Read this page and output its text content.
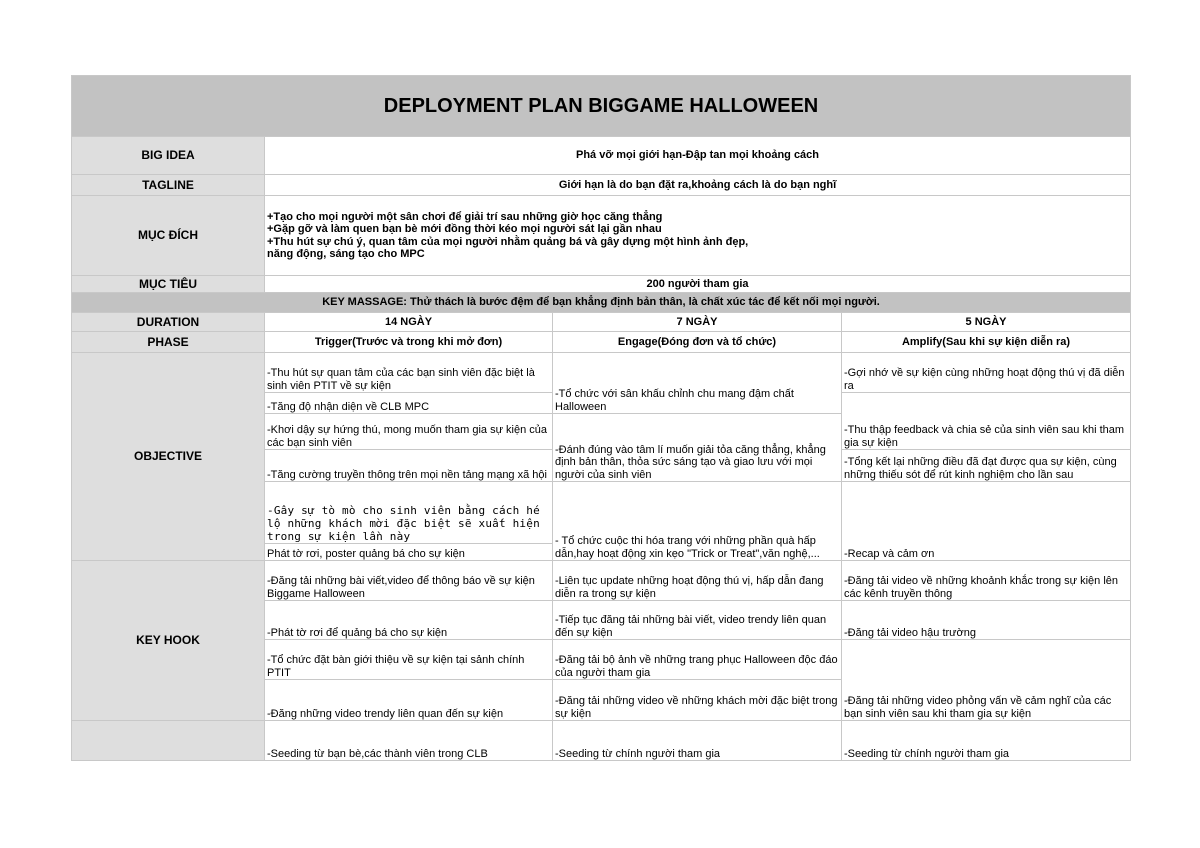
DEPLOYMENT PLAN BIGGAME HALLOWEEN			
BIG IDEA	Phá vỡ mọi giới hạn-Đập tan mọi khoảng cách		
TAGLINE	Giới hạn là do bạn đặt ra,khoảng cách là do bạn nghĩ		
MỤC ĐÍCH	+Tạo cho mọi người một sân chơi để giải trí sau những giờ học căng thẳng
+Gặp gỡ và làm quen bạn bè mới đồng thời kéo mọi người sát lại gần nhau
+Thu hút sự chú ý, quan tâm của mọi người nhằm quảng bá và gây dựng một hình ảnh đẹp,
năng động, sáng tạo cho MPC		

MỤC TIÊU	200 người tham gia		
KEY MASSAGE: Thử thách là bước đệm để bạn khẳng định bản thân, là chất xúc tác để kết nối mọi người.			
DURATION	14 NGÀY	7 NGÀY	5 NGÀY
PHASE	Trigger(Trước và trong khi mở đơn)	Engage(Đóng đơn và tổ chức)	Amplify(Sau khi sự kiện diễn ra)
OBJECTIVE	-Thu hút sự quan tâm của các bạn sinh viên đặc biệt là sinh viên PTIT về sự kiện	-Tổ chức với sân khấu chỉnh chu mang đậm chất Halloween	-Gợi nhớ về sự kiện cùng những hoạt động thú vị đã diễn ra
	-Tăng độ nhận diện về CLB MPC		-Thu thập feedback và chia sẻ của sinh viên sau khi tham gia sự kiện
	-Khơi dậy sự hứng thú, mong muốn tham gia sự kiện của các bạn sinh viên	-Đánh đúng vào tâm lí muốn giải tỏa căng thẳng, khẳng định bản thân, thỏa sức sáng tạo và giao lưu với mọi người của sinh viên	
	-Tăng cường truyền thông trên mọi nền tảng mạng xã hội		-Tổng kết lại những điều đã đạt được qua sự kiện, cùng những thiếu sót để rút kinh nghiệm cho lần sau
	-Gây sự tò mò cho sinh viên bằng cách hé lộ những khách mời đặc biệt sẽ xuất hiện trong sự kiện lần này	- Tổ chức cuộc thi hóa trang với những phần quà hấp dẫn,hay hoạt động xin kẹo "Trick or Treat",văn nghệ,...	-Recap và cảm ơn
	Phát tờ rơi, poster quảng bá cho sự kiện		
KEY HOOK	-Đăng tải những bài viết,video để thông báo về sự kiện Biggame Halloween	-Liên tục update những hoạt động thú vị, hấp dẫn đang diễn ra trong sự kiện	-Đăng tải video về những khoảnh khắc trong sự kiện lên các kênh truyền thông
	-Phát tờ rơi để quảng bá cho sự kiện	-Tiếp tục đăng tải những bài viết, video trendy liên quan đến sự kiện	-Đăng tải video hậu trường
	-Tổ chức đặt bàn giới thiệu về sự kiện tại sảnh chính PTIT	-Đăng tải bộ ảnh về những trang phục Halloween độc đáo của người tham gia	-Đăng tải những video phỏng vấn về cảm nghĩ của các bạn sinh viên sau khi tham gia sự kiện
	-Đăng những video trendy liên quan đến sự kiện	-Đăng tải những video về những khách mời đặc biệt trong sự kiện	
	-Seeding từ bạn bè,các thành viên trong CLB	-Seeding từ chính người tham gia	-Seeding từ chính người tham gia
